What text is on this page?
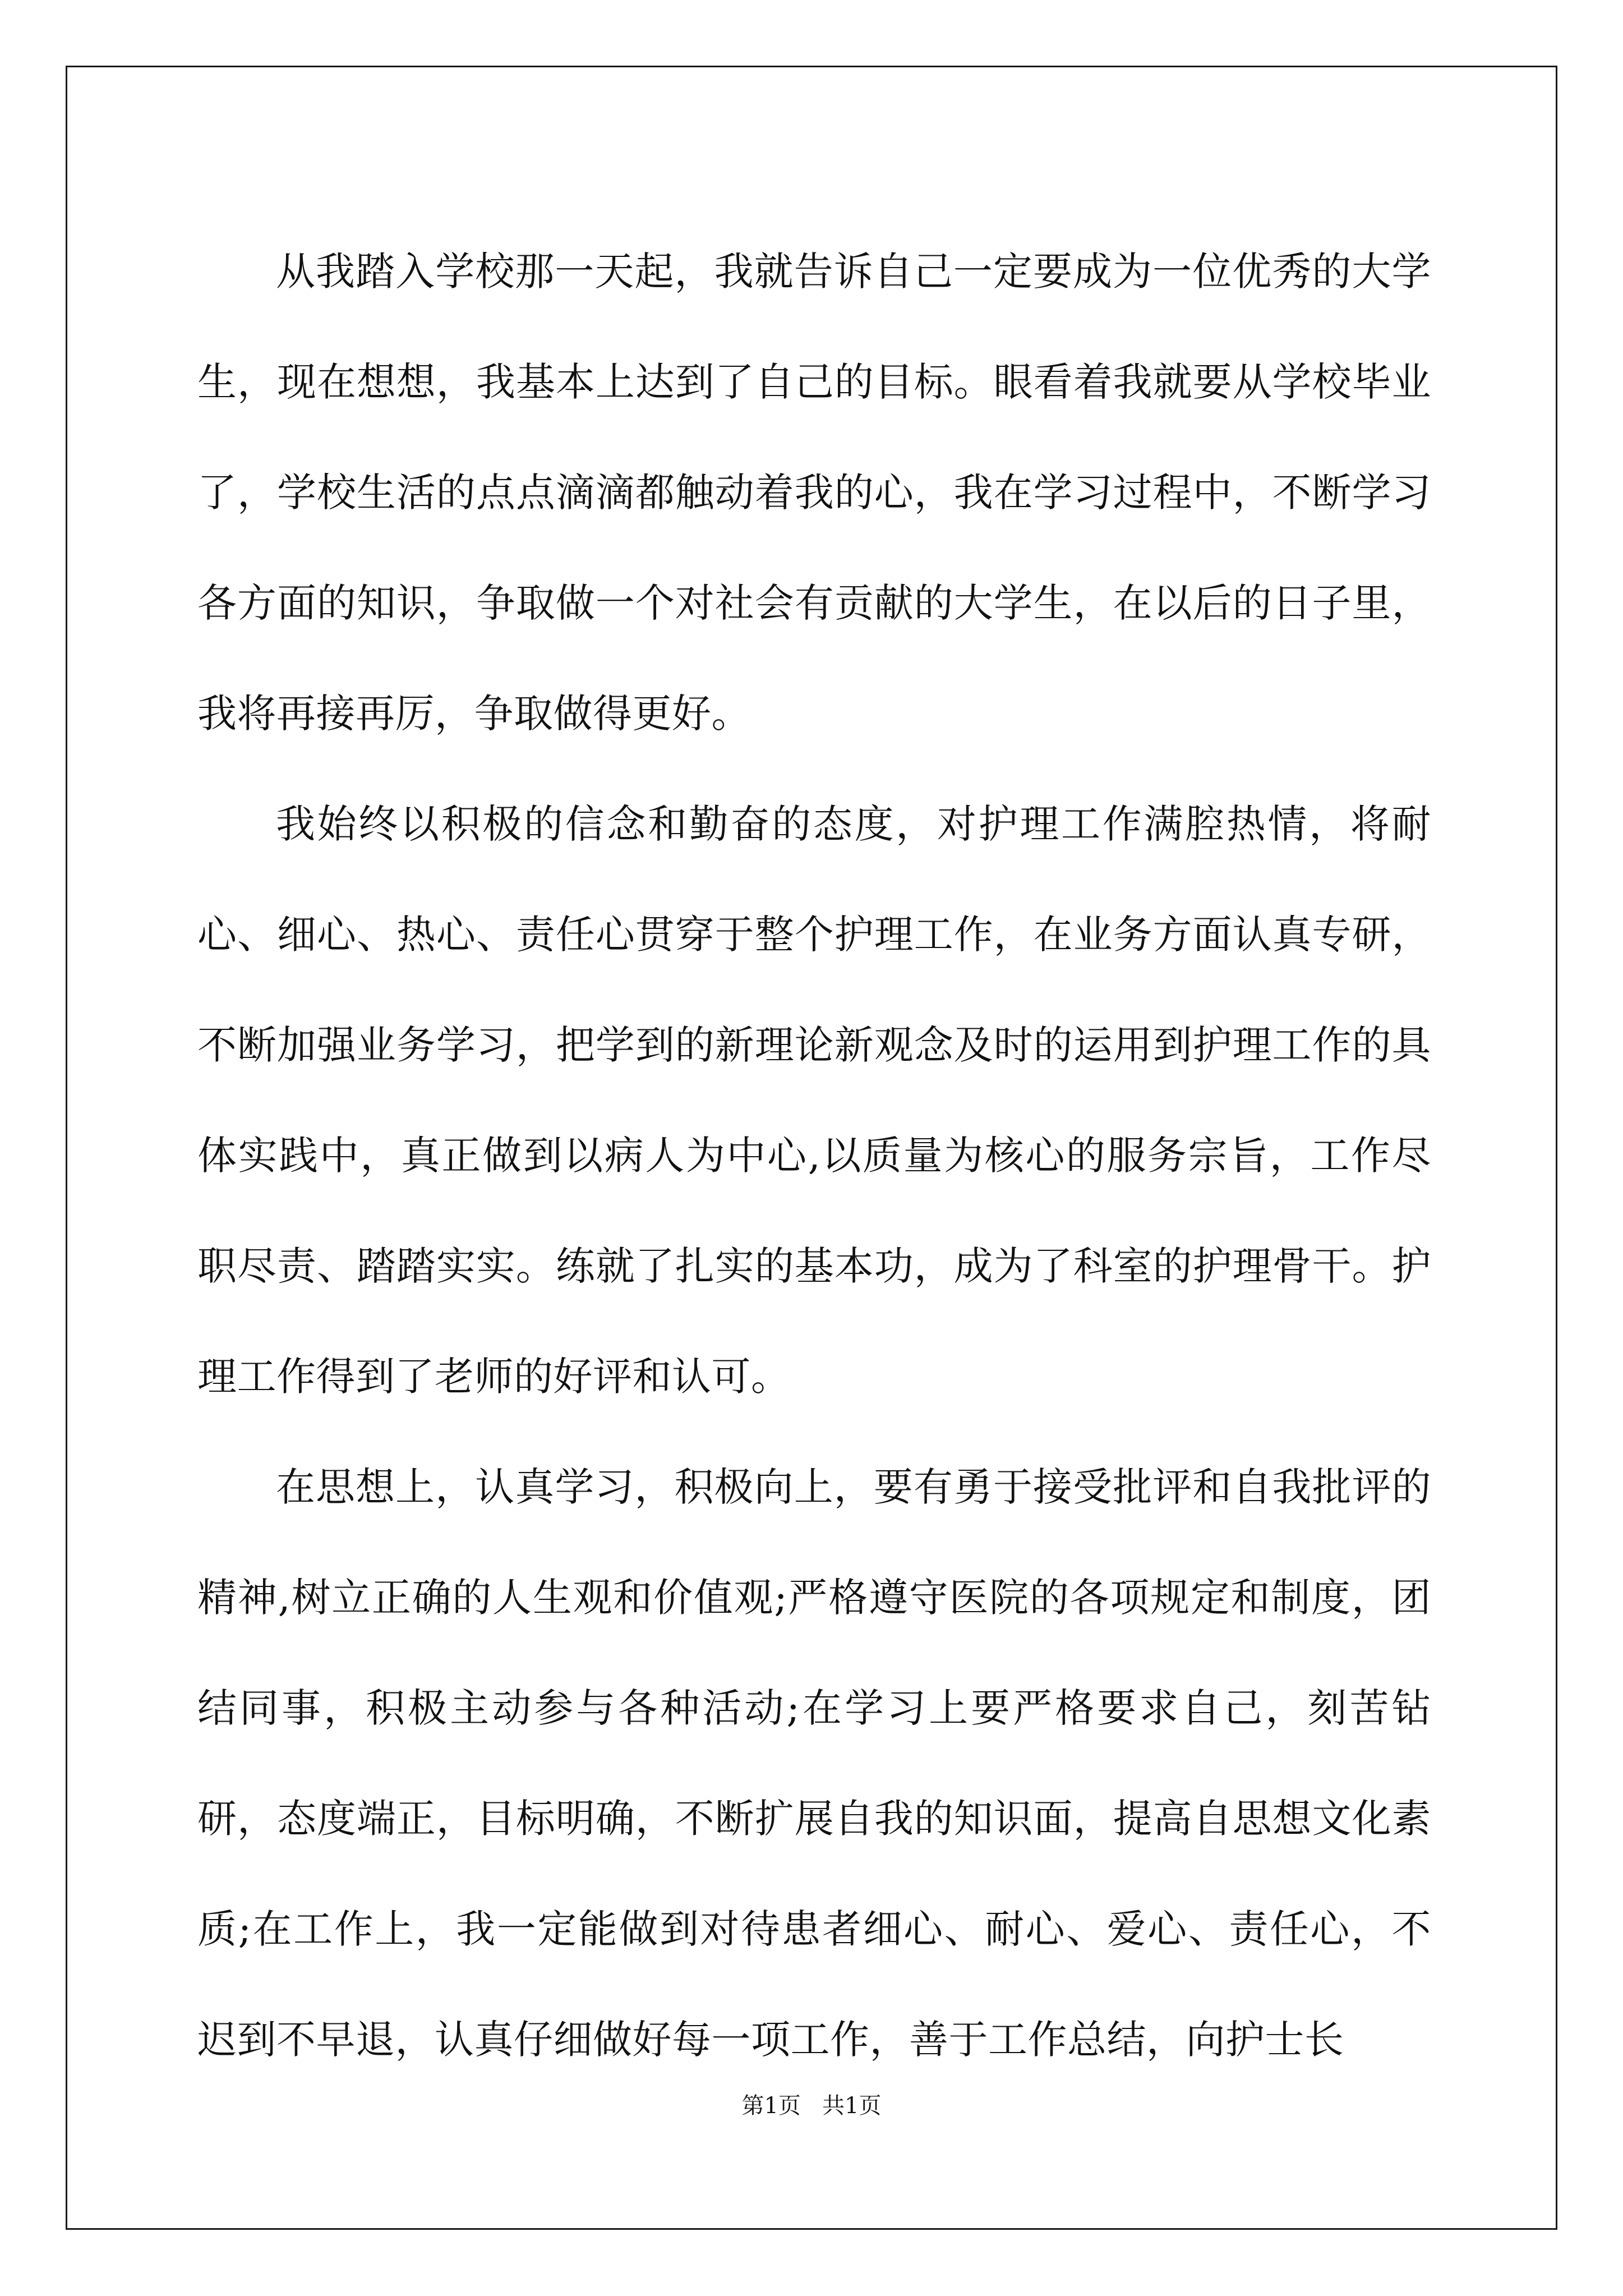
从我踏入学校那一天起，我就告诉自己一定要成为一位优秀的大学生，现在想想，我基本上达到了自己的目标。眼看着我就要从学校毕业了，学校生活的点点滴滴都触动着我的心，我在学习过程中，不断学习各方面的知识，争取做一个对社会有贡献的大学生，在以后的日子里，我将再接再厉，争取做得更好。

我始终以积极的信念和勤奋的态度，对护理工作满腔热情，将耐心、细心、热心、责任心贯穿于整个护理工作，在业务方面认真专研，不断加强业务学习，把学到的新理论新观念及时的运用到护理工作的具体实践中，真正做到以病人为中心,以质量为核心的服务宗旨，工作尽职尽责、踏踏实实。练就了扎实的基本功，成为了科室的护理骨干。护理工作得到了老师的好评和认可。

在思想上，认真学习，积极向上，要有勇于接受批评和自我批评的精神,树立正确的人生观和价值观;严格遵守医院的各项规定和制度，团结同事，积极主动参与各种活动;在学习上要严格要求自己，刻苦钻研，态度端正，目标明确，不断扩展自我的知识面，提高自思想文化素质;在工作上，我一定能做到对待患者细心、耐心、爱心、责任心，不迟到不早退，认真仔细做好每一项工作，善于工作总结，向护士长

第1页   共1页
